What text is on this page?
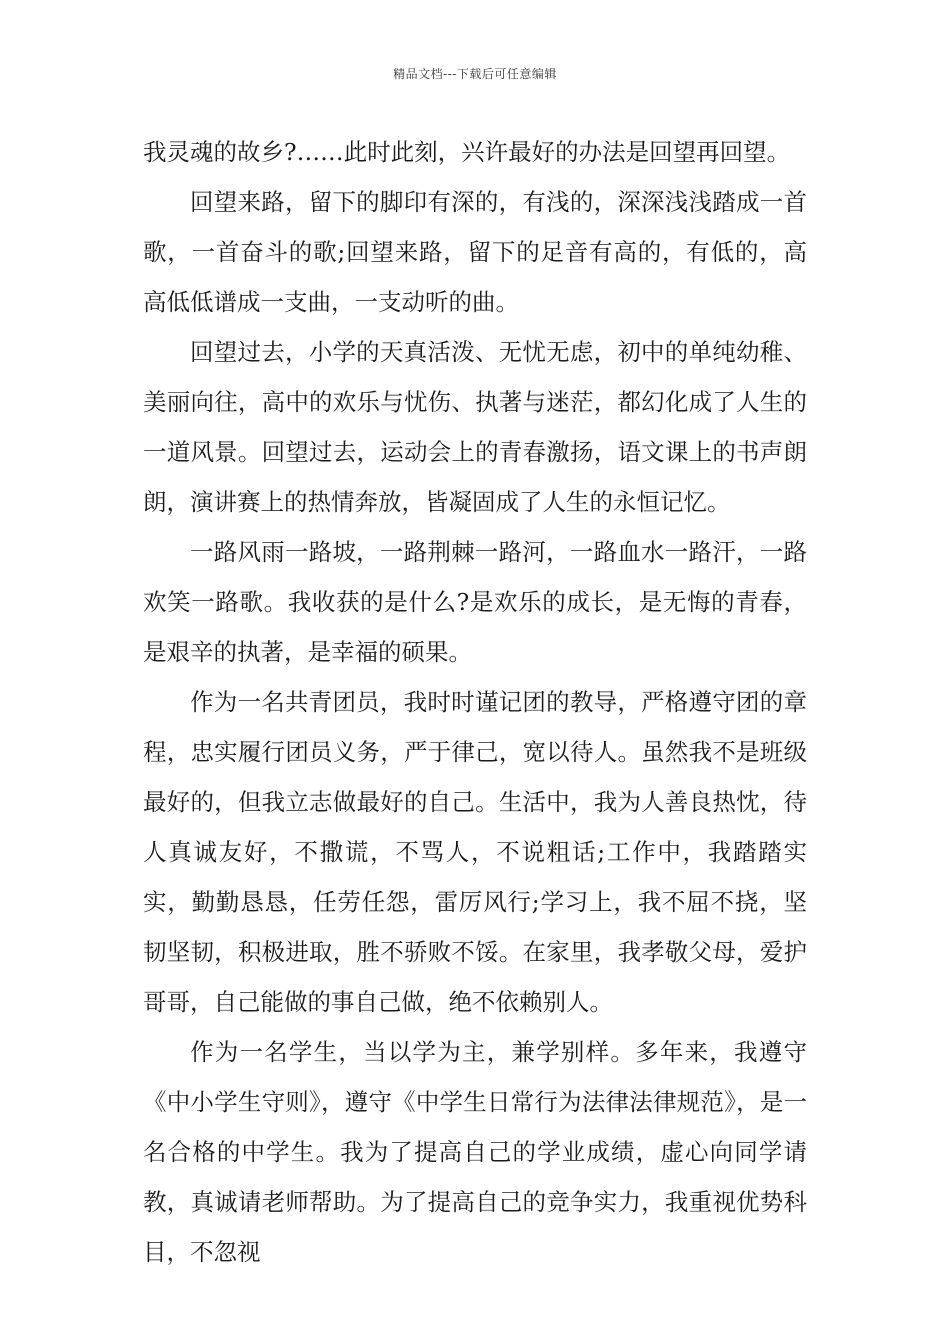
精品文档---下载后可任意编辑

我灵魂的故乡?……此时此刻，兴许最好的办法是回望再回望。

回望来路，留下的脚印有深的，有浅的，深深浅浅踏成一首歌，一首奋斗的歌;回望来路，留下的足音有高的，有低的，高高低低谱成一支曲，一支动听的曲。

回望过去，小学的天真活泼、无忧无虑，初中的单纯幼稚、美丽向往，高中的欢乐与忧伤、执著与迷茫，都幻化成了人生的一道风景。回望过去，运动会上的青春激扬，语文课上的书声朗朗，演讲赛上的热情奔放，皆凝固成了人生的永恒记忆。

一路风雨一路坡，一路荆棘一路河，一路血水一路汗，一路欢笑一路歌。我收获的是什么?是欢乐的成长，是无悔的青春，是艰辛的执著，是幸福的硕果。

作为一名共青团员，我时时谨记团的教导，严格遵守团的章程，忠实履行团员义务，严于律己，宽以待人。虽然我不是班级最好的，但我立志做最好的自己。生活中，我为人善良热忱，待人真诚友好，不撒谎，不骂人，不说粗话;工作中，我踏踏实实，勤勤恳恳，任劳任怨，雷厉风行;学习上，我不屈不挠，坚韧坚韧，积极进取，胜不骄败不馁。在家里，我孝敬父母，爱护哥哥，自己能做的事自己做，绝不依赖别人。

作为一名学生，当以学为主，兼学别样。多年来，我遵守《中小学生守则》，遵守《中学生日常行为法律法律规范》，是一名合格的中学生。我为了提高自己的学业成绩，虚心向同学请教，真诚请老师帮助。为了提高自己的竞争实力，我重视优势科目，不忽视
